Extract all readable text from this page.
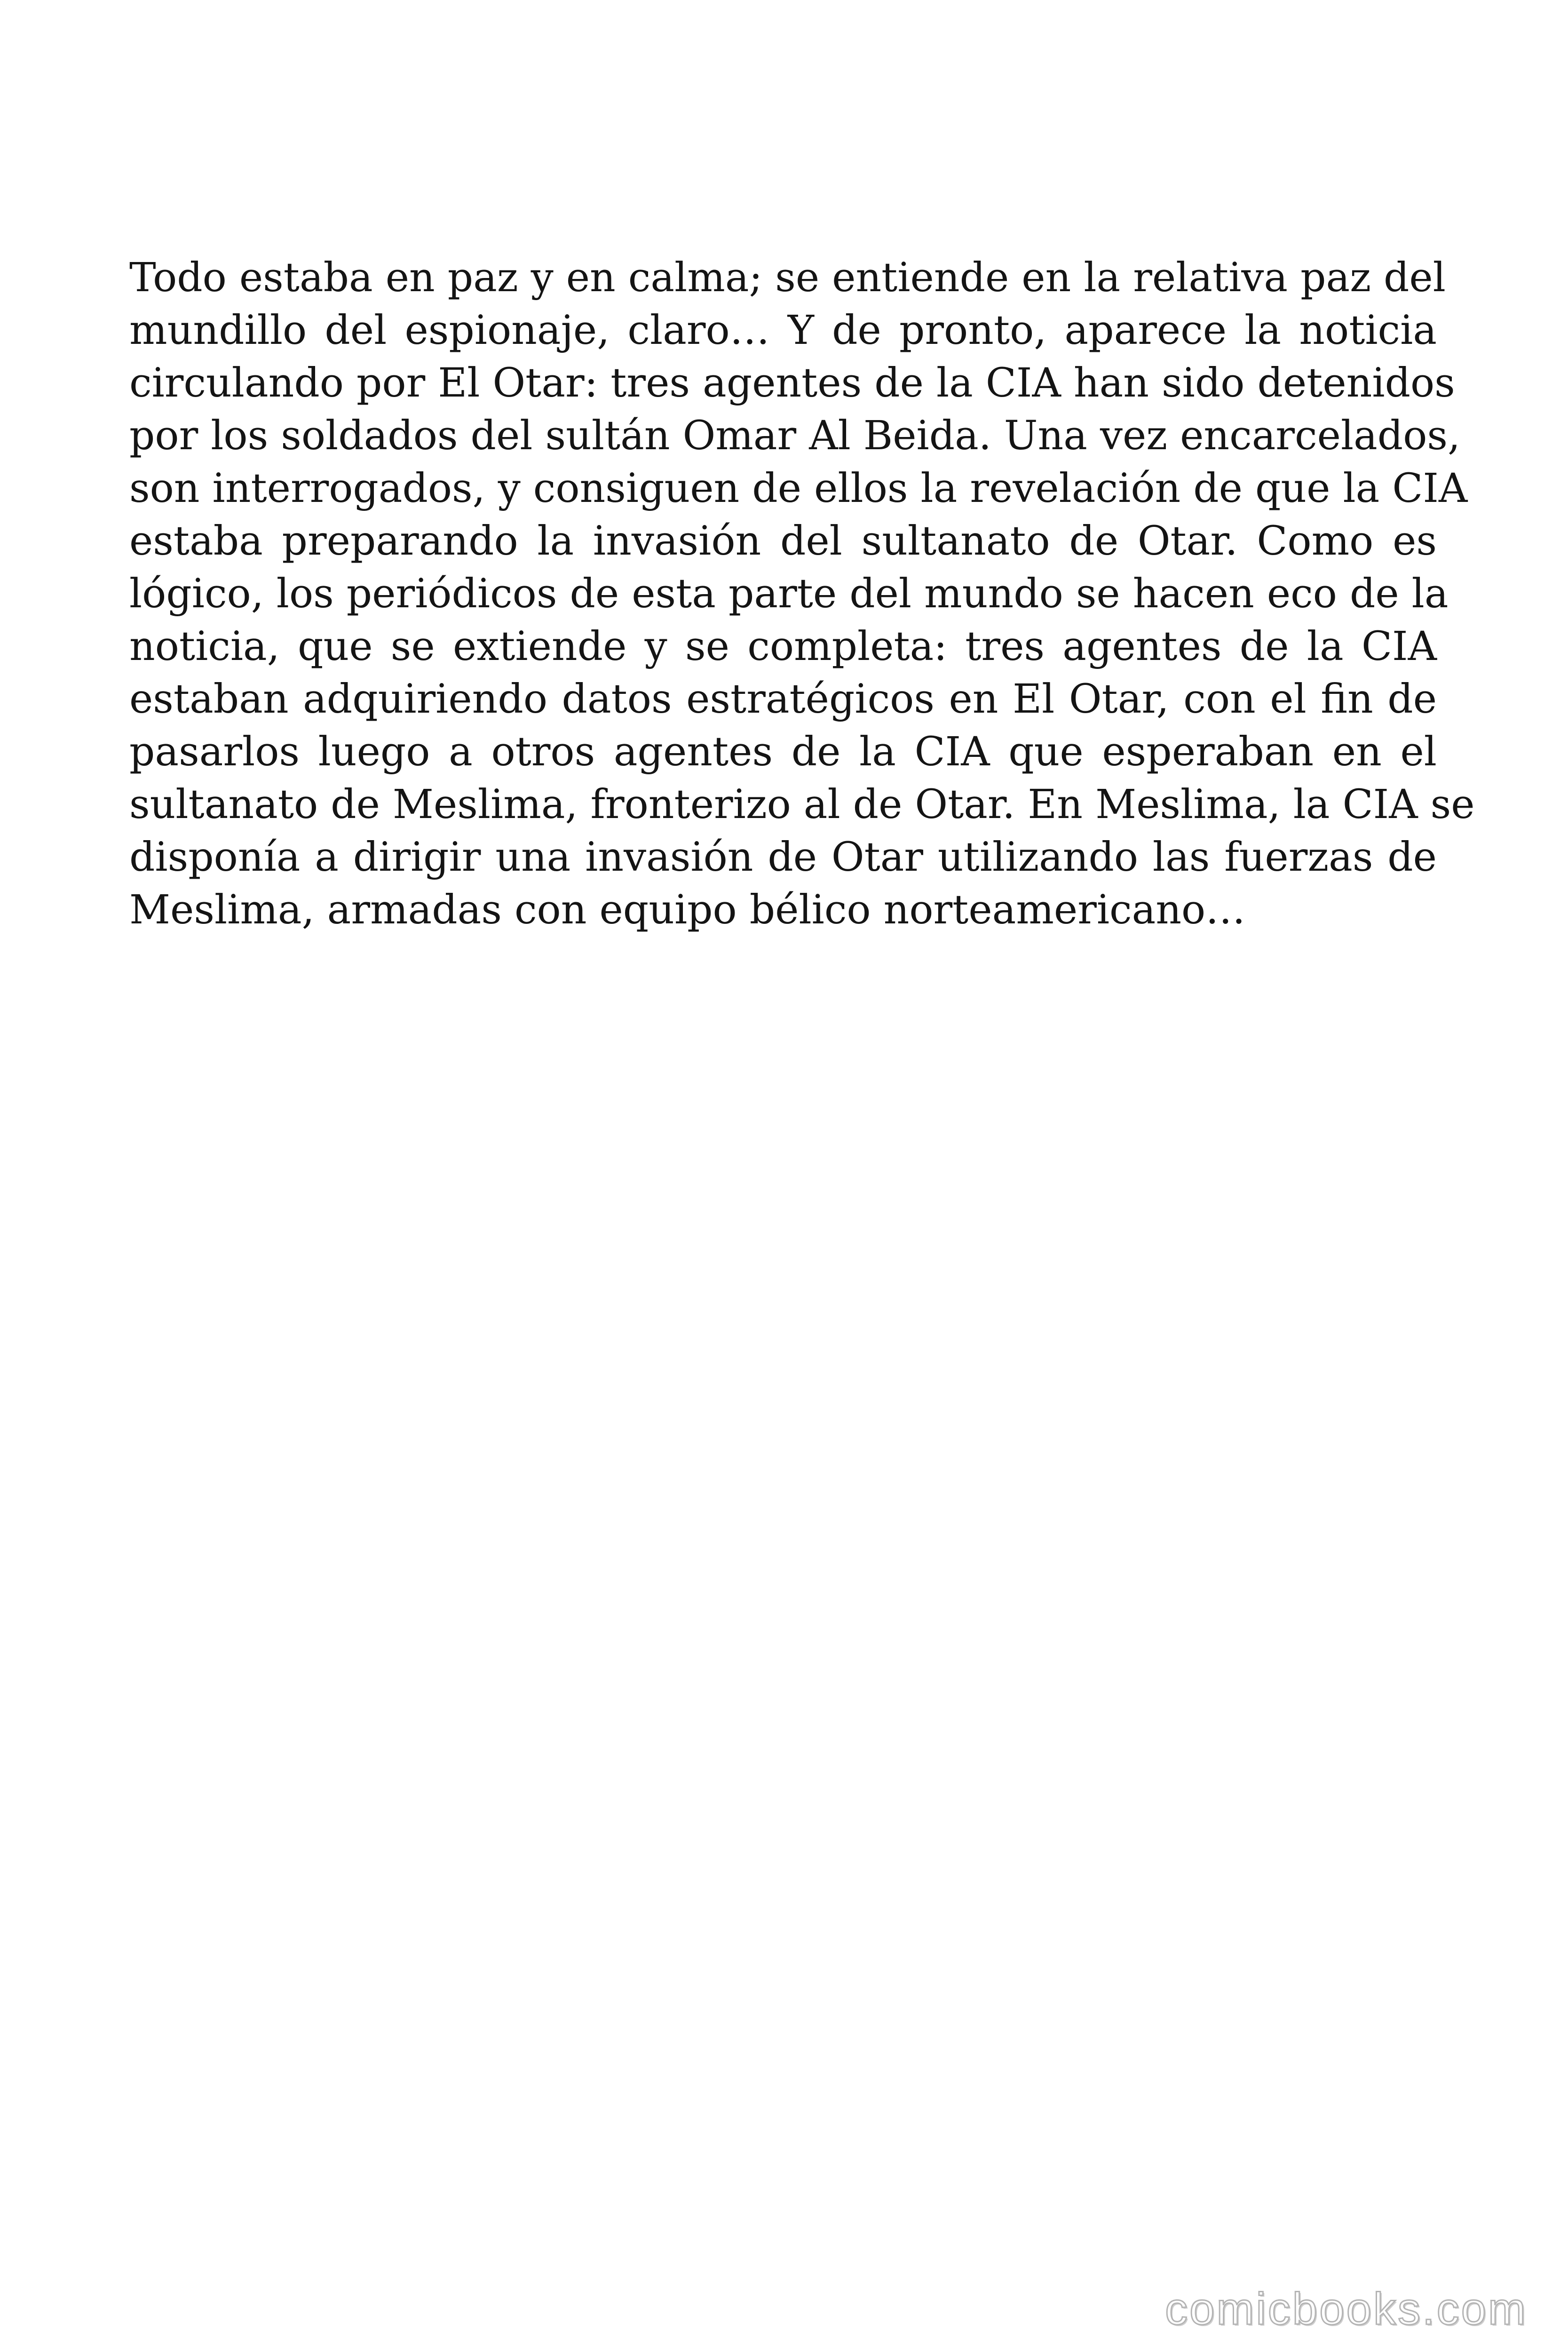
Todo estaba en paz y en calma; se entiende en la relativa paz del
mundillo del espionaje, claro… Y de pronto, aparece la noticia
circulando por El Otar: tres agentes de la CIA han sido detenidos
por los soldados del sultán Omar Al Beida. Una vez encarcelados,
son interrogados, y consiguen de ellos la revelación de que la CIA
estaba preparando la invasión del sultanato de Otar. Como es
lógico, los periódicos de esta parte del mundo se hacen eco de la
noticia, que se extiende y se completa: tres agentes de la CIA
estaban adquiriendo datos estratégicos en El Otar, con el fin de
pasarlos luego a otros agentes de la CIA que esperaban en el
sultanato de Meslima, fronterizo al de Otar. En Meslima, la CIA se
disponía a dirigir una invasión de Otar utilizando las fuerzas de
Meslima, armadas con equipo bélico norteamericano…
comicbooks.com
